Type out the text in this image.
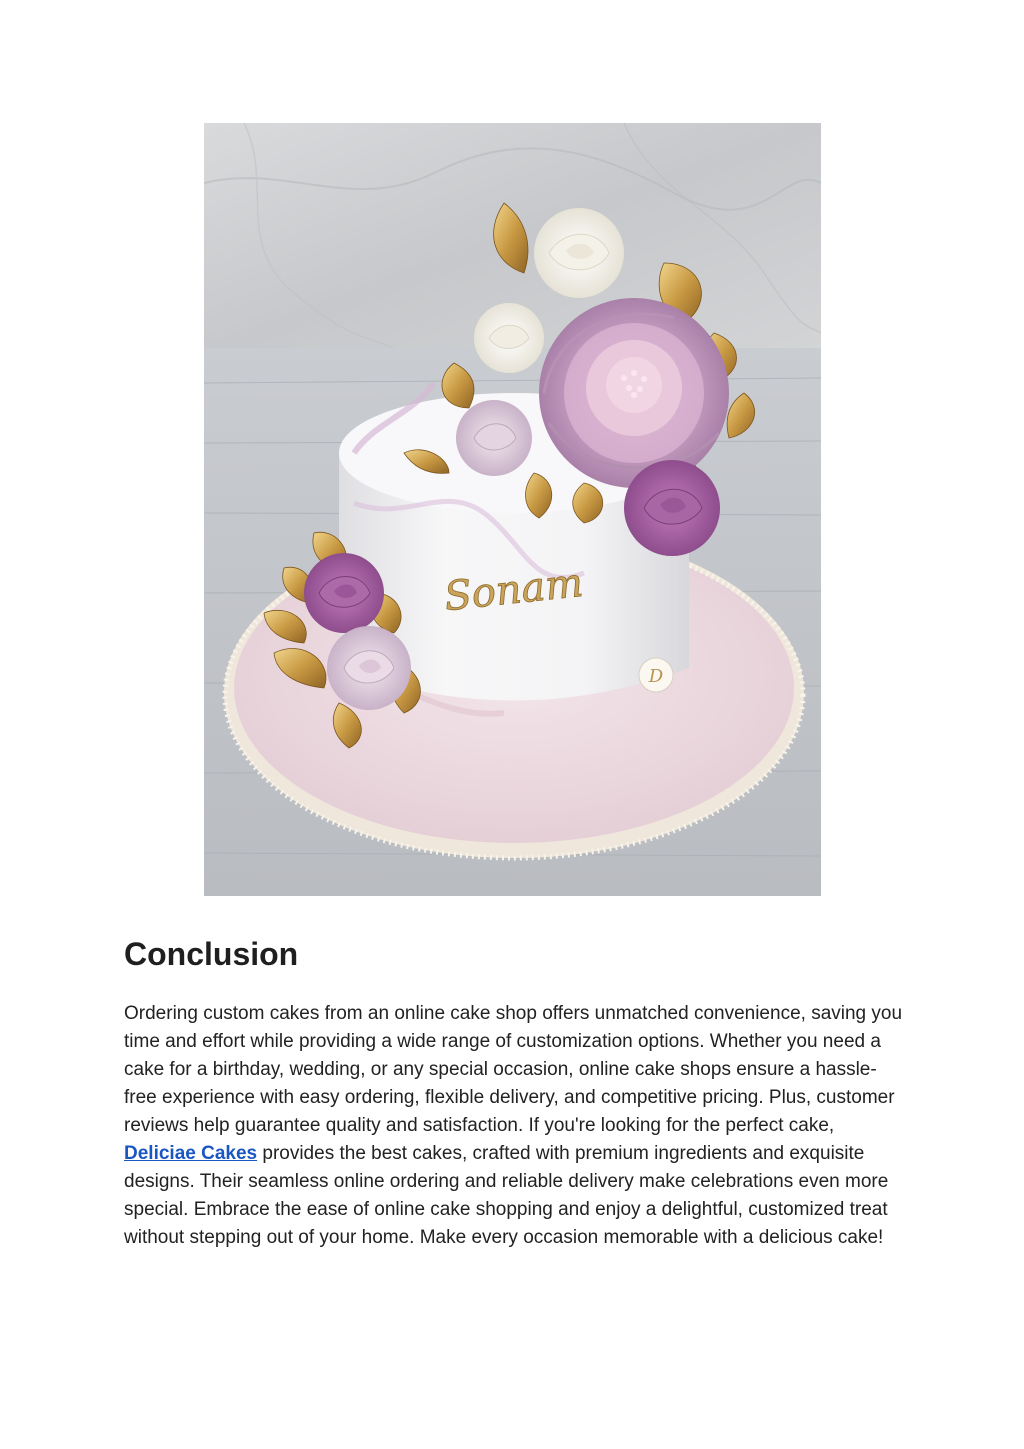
Sonam
D
Conclusion

Ordering custom cakes from an online cake shop offers unmatched convenience, saving you time and effort while providing a wide range of customization options. Whether you need a cake for a birthday, wedding, or any special occasion, online cake shops ensure a hassle-free experience with easy ordering, flexible delivery, and competitive pricing. Plus, customer reviews help guarantee quality and satisfaction. If you're looking for the perfect cake, Deliciae Cakes provides the best cakes, crafted with premium ingredients and exquisite designs. Their seamless online ordering and reliable delivery make celebrations even more special. Embrace the ease of online cake shopping and enjoy a delightful, customized treat without stepping out of your home. Make every occasion memorable with a delicious cake!
